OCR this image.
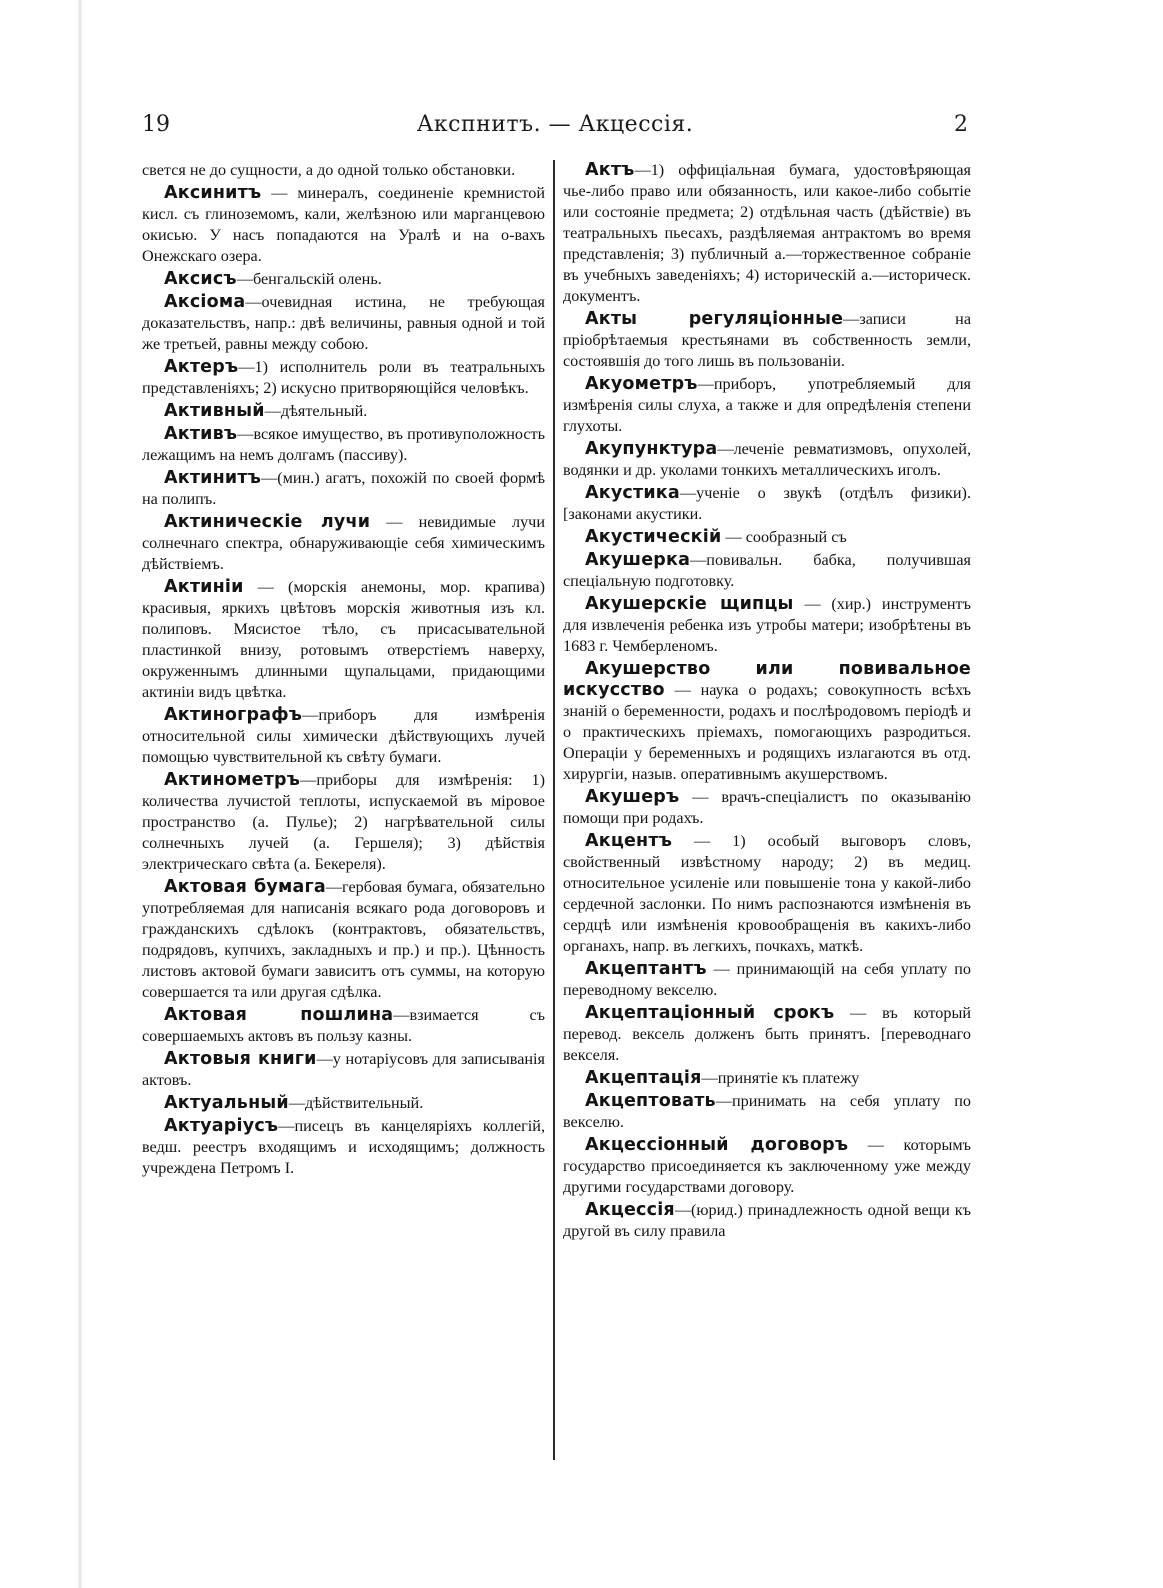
19	Акспнитъ. — Акцессія.	2

свется не до сущности, а до одной только обстановки.

Аксинитъ — минералъ, соединеніе кремнистой кисл. съ глиноземомъ, кали, желѣзною или марганцевою окисью. У насъ попадаются на Уралѣ и на о-вахъ Онежскаго озера.

Аксисъ—бенгальскій олень.

Аксіома—очевидная истина, не требующая доказательствъ, напр.: двѣ величины, равныя одной и той же третьей, равны между собою.

Актеръ—1) исполнитель роли въ театральныхъ представленіяхъ; 2) искусно притворяющійся человѣкъ.

Активный—дѣятельный.

Активъ—всякое имущество, въ противуположность лежащимъ на немъ долгамъ (пассиву).

Актинитъ—(мин.) агатъ, похожій по своей формѣ на полипъ.

Актиническіе лучи — невидимые лучи солнечнаго спектра, обнаруживающіе себя химическимъ дѣйствіемъ.

Актиніи — (морскія анемоны, мор. крапива) красивыя, яркихъ цвѣтовъ морскія животныя изъ кл. полиповъ. Мясистое тѣло, съ присасывательной пластинкой внизу, ротовымъ отверстіемъ наверху, окруженнымъ длинными щупальцами, придающими актиніи видъ цвѣтка.

Актинографъ—приборъ для измѣренія относительной силы химически дѣйствующихъ лучей помощью чувствительной къ свѣту бумаги.

Актинометръ—приборы для измѣренія: 1) количества лучистой теплоты, испускаемой въ міровое пространство (а. Пулье); 2) нагрѣвательной силы солнечныхъ лучей (а. Гершеля); 3) дѣйствія электрическаго свѣта (а. Бекереля).

Актовая бумага—гербовая бумага, обязательно употребляемая для написанія всякаго рода договоровъ и гражданскихъ сдѣлокъ (контрактовъ, обязательствъ, подрядовъ, купчихъ, закладныхъ и пр.) и пр.). Цѣнность листовъ актовой бумаги зависитъ отъ суммы, на которую совершается та или другая сдѣлка.

Актовая пошлина—взимается съ совершаемыхъ актовъ въ пользу казны.

Актовыя книги—у нотаріусовъ для записыванія актовъ.

Актуальный—дѣйствительный.

Актуаріусъ—писецъ въ канцеляріяхъ коллегій, ведш. реестръ входящимъ и исходящимъ; должность учреждена Петромъ I.

Актъ—1) оффиціальная бумага, удостовѣряющая чье-либо право или обязанность, или какое-либо событіе или состояніе предмета; 2) отдѣльная часть (дѣйствіе) въ театральныхъ пьесахъ, раздѣляемая антрактомъ во время представленія; 3) публичный а.—торжественное собраніе въ учебныхъ заведеніяхъ; 4) историческій а.—историческ. документъ.

Акты регуляціонные—записи на пріобрѣтаемыя крестьянами въ собственность земли, состоявшія до того лишь въ пользованіи.

Акуометръ—приборъ, употребляемый для измѣренія силы слуха, а также и для опредѣленія степени глухоты.

Акупунктура—леченіе ревматизмовъ, опухолей, водянки и др. уколами тонкихъ металлическихъ иголъ.

Акустика—ученіе о звукѣ (отдѣлъ физики). [законами акустики.

Акустическій — сообразный съ

Акушерка—повивальн. бабка, получившая спеціальную подготовку.

Акушерскіе щипцы — (хир.) инструментъ для извлеченія ребенка изъ утробы матери; изобрѣтены въ 1683 г. Чемберленомъ.

Акушерство или повивальное искусство — наука о родахъ; совокупность всѣхъ знаній о беременности, родахъ и послѣродовомъ періодѣ и о практическихъ пріемахъ, помогающихъ разродиться. Операціи у беременныхъ и родящихъ излагаются въ отд. хирургіи, назыв. оперативнымъ акушерствомъ.

Акушеръ — врачъ-спеціалистъ по оказыванію помощи при родахъ.

Акцентъ — 1) особый выговоръ словъ, свойственный извѣстному народу; 2) въ медиц. относительное усиленіе или повышеніе тона у какой-либо сердечной заслонки. По нимъ распознаются измѣненія въ сердцѣ или измѣненія кровообращенія въ какихъ-либо органахъ, напр. въ легкихъ, почкахъ, маткѣ.

Акцептантъ — принимающій на себя уплату по переводному векселю.

Акцептаціонный срокъ — въ который перевод. вексель долженъ быть принятъ. [переводнаго векселя.

Акцептація—принятіе къ платежу

Акцептовать—принимать на себя уплату по векселю.

Акцессіонный договоръ — которымъ государство присоединяется къ заключенному уже между другими государствами договору.

Акцессія—(юрид.) принадлежность одной вещи къ другой въ силу правила
